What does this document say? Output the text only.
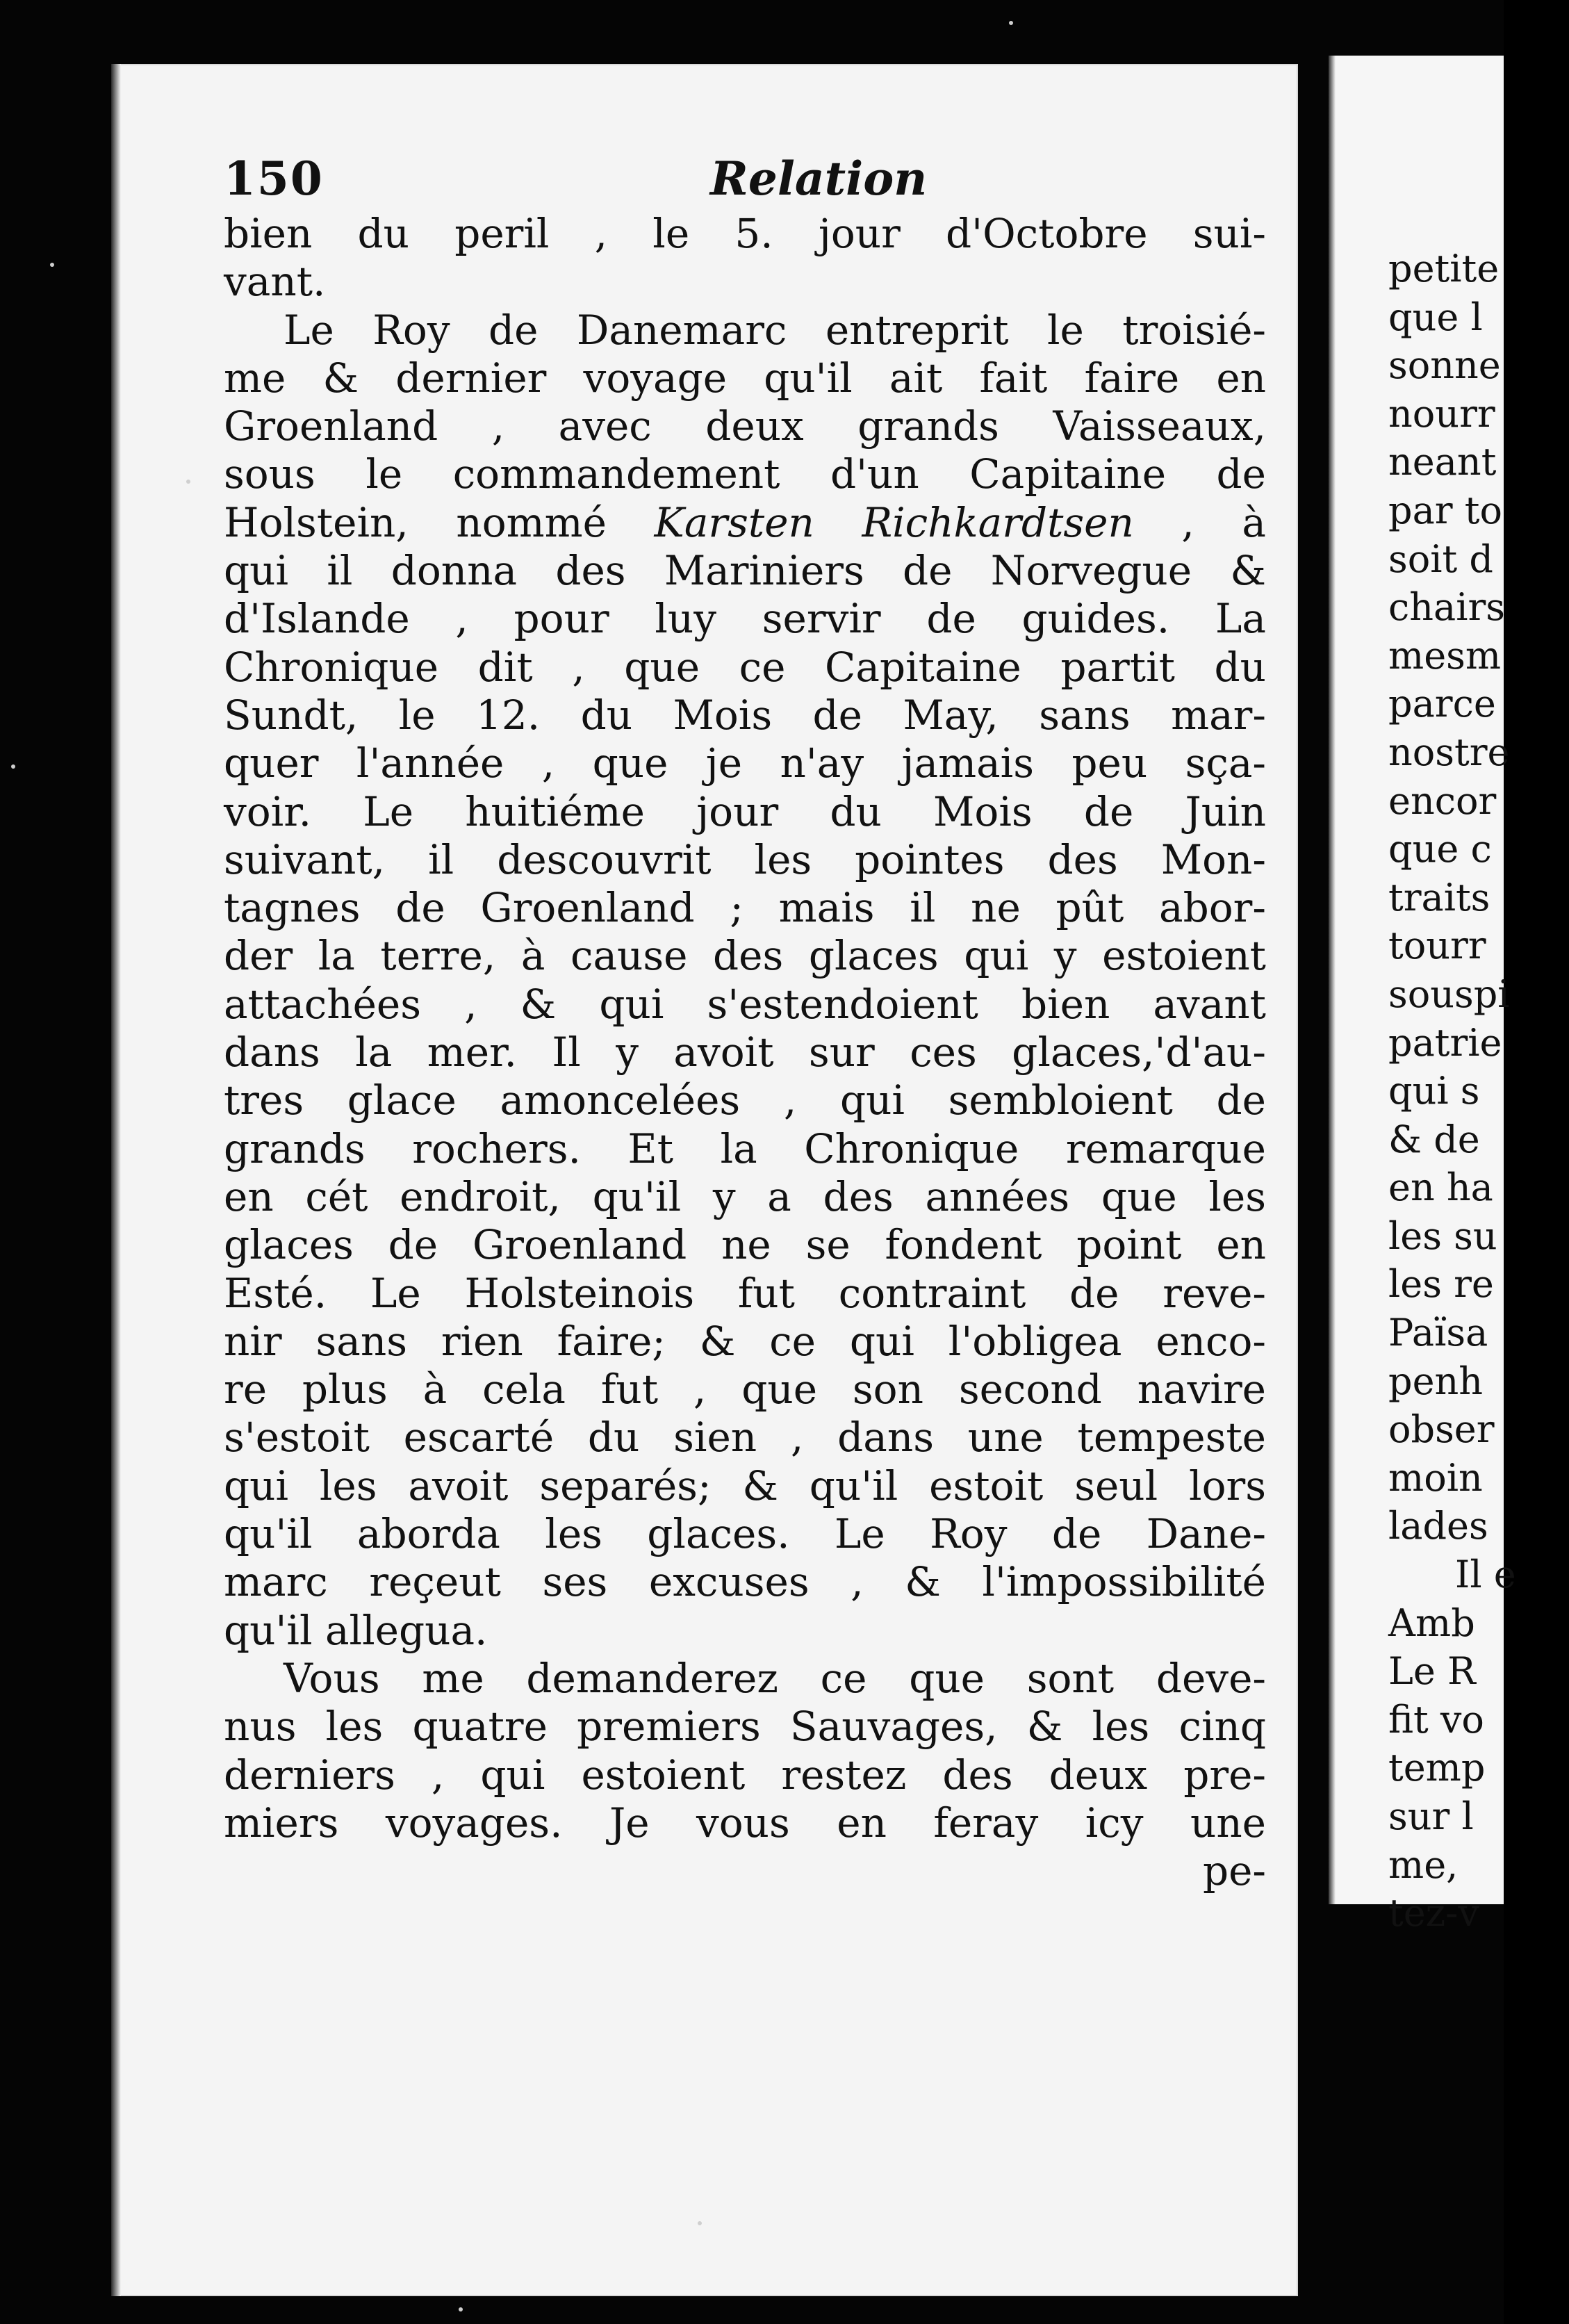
petite
que l
sonne
nourr
neant
par to
soit d
chairs
mesm
parce
nostre
encor
que c
traits
tourr
souspi
patrie
qui s
& de
en ha
les su
les re
Païsa
penh
obser
moin
lades
Il e
Amb
Le R
fit vo
temp
sur l
me,
tez-v
150	Relation
bien du peril , le 5. jour d'Octobre sui-
vant.
Le Roy de Danemarc entreprit le troisié-
me & dernier voyage qu'il ait fait faire en
Groenland , avec deux grands Vaisseaux,
sous le commandement d'un Capitaine de
Holstein, nommé Karsten Richkardtsen , à
qui il donna des Mariniers de Norvegue &
d'Islande , pour luy servir de guides. La
Chronique dit , que ce Capitaine partit du
Sundt, le 12. du Mois de May, sans mar-
quer l'année , que je n'ay jamais peu sça-
voir. Le huitiéme jour du Mois de Juin
suivant, il descouvrit les pointes des Mon-
tagnes de Groenland ; mais il ne pût abor-
der la terre, à cause des glaces qui y estoient
attachées , & qui s'estendoient bien avant
dans la mer. Il y avoit sur ces glaces,'d'au-
tres glace amoncelées , qui sembloient de
grands rochers. Et la Chronique remarque
en cét endroit, qu'il y a des années que les
glaces de Groenland ne se fondent point en
Esté. Le Holsteinois fut contraint de reve-
nir sans rien faire; & ce qui l'obligea enco-
re plus à cela fut , que son second navire
s'estoit escarté du sien , dans une tempeste
qui les avoit separés; & qu'il estoit seul lors
qu'il aborda les glaces. Le Roy de Dane-
marc reçeut ses excuses , & l'impossibilité
qu'il allegua.
Vous me demanderez ce que sont deve-
nus les quatre premiers Sauvages, & les cinq
derniers , qui estoient restez des deux pre-
miers voyages. Je vous en feray icy une
pe-
